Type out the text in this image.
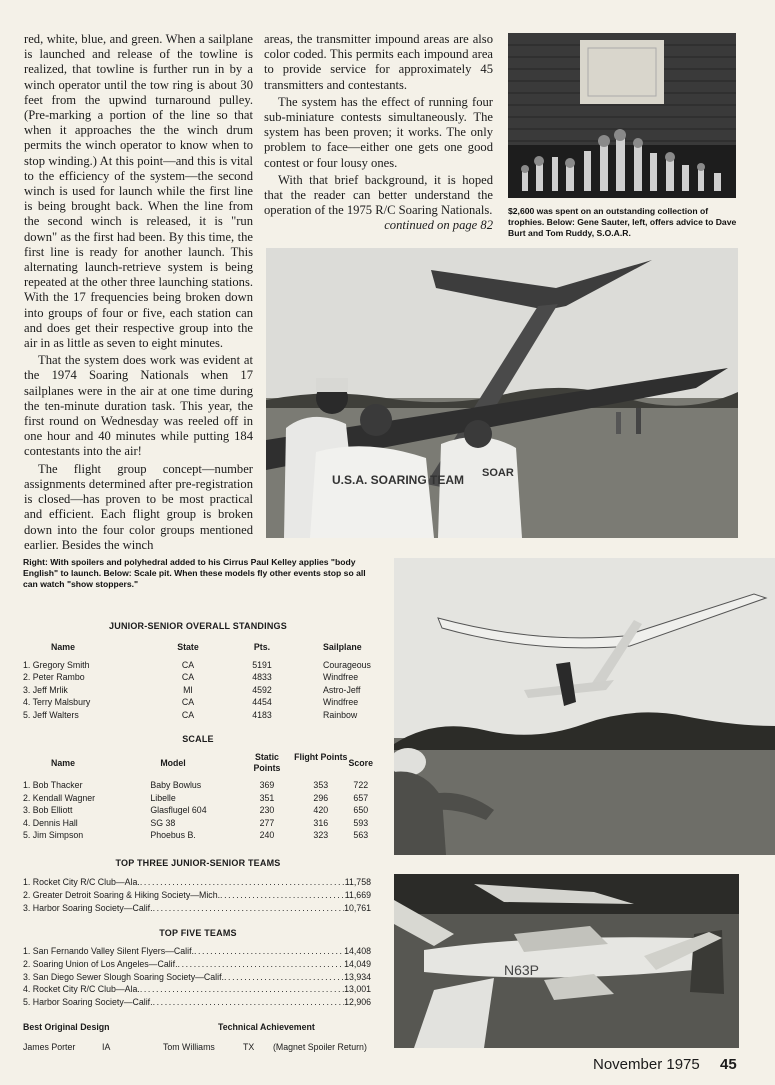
red, white, blue, and green. When a sailplane is launched and release of the towline is realized, that towline is further run in by a winch operator until the tow ring is about 30 feet from the upwind turnaround pulley. (Pre-marking a portion of the line so that when it approaches the the winch drum permits the winch operator to know when to stop winding.) At this point—and this is vital to the efficiency of the system—the second winch is used for launch while the first line is being brought back. When the line from the second winch is released, it is "run down" as the first had been. By this time, the first line is ready for another launch. This alternating launch-retrieve system is being repeated at the other three launching stations. With the 17 frequencies being broken down into groups of four or five, each station can and does get their respective group into the air in as little as seven to eight minutes.

That the system does work was evident at the 1974 Soaring Nationals when 17 sailplanes were in the air at one time during the ten-minute duration task. This year, the first round on Wednesday was reeled off in one hour and 40 minutes while putting 184 contestants into the air!

The flight group concept—number assignments determined after pre-registration is closed—has proven to be most practical and efficient. Each flight group is broken down into the four color groups mentioned earlier. Besides the winch

areas, the transmitter impound areas are also color coded. This permits each impound area to provide service for approximately 45 transmitters and contestants.

The system has the effect of running four sub-miniature contests simultaneously. The system has been proven; it works. The only problem to face—either one gets one good contest or four lousy ones.

With that brief background, it is hoped that the reader can better understand the operation of the 1975 R/C Soaring Nationals.

continued on page 82
$2,600 was spent on an outstanding collection of trophies. Below: Gene Sauter, left, offers advice to Dave Burt and Tom Ruddy, S.O.A.R.
U.S.A. SOARING TEAM SOAR
Right: With spoilers and polyhedral added to his Cirrus Paul Kelley applies "body English" to launch. Below: Scale pit. When these models fly other events stop so all can watch "show stoppers."
JUNIOR-SENIOR OVERALL STANDINGS
Name	State	Pts.	Sailplane

1. Gregory Smith	CA	5191	Courageous
2. Peter Rambo	CA	4833	Windfree
3. Jeff Mrlik	MI	4592	Astro-Jeff
4. Terry Malsbury	CA	4454	Windfree
5. Jeff Walters	CA	4183	Rainbow
SCALE
Name	Model	Static Points	Flight Points	Score

1. Bob Thacker	Baby Bowlus	369	353	722
2. Kendall Wagner	Libelle	351	296	657
3. Bob Elliott	Glasflugel 604	230	420	650
4. Dennis Hall	SG 38	277	316	593
5. Jim Simpson	Phoebus B.	240	323	563
TOP THREE JUNIOR-SENIOR TEAMS
1. Rocket City R/C Club—Ala. .....	11,758
2. Greater Detroit Soaring & Hiking Society—Mich. .....	11,669
3. Harbor Soaring Society—Calif. .....	10,761
TOP FIVE TEAMS
1. San Fernando Valley Silent Flyers—Calif. .....	14,408
2. Soaring Union of Los Angeles—Calif. .....	14,049
3. San Diego Sewer Slough Soaring Society—Calif. .....	13,934
4. Rocket City R/C Club—Ala. .....	13,001
5. Harbor Soaring Society—Calif. .....	12,906
Best Original Design	Technical Achievement
James Porter	IA	Tom Williams	TX (Magnet Spoiler Return)
N63P
November 1975 45
